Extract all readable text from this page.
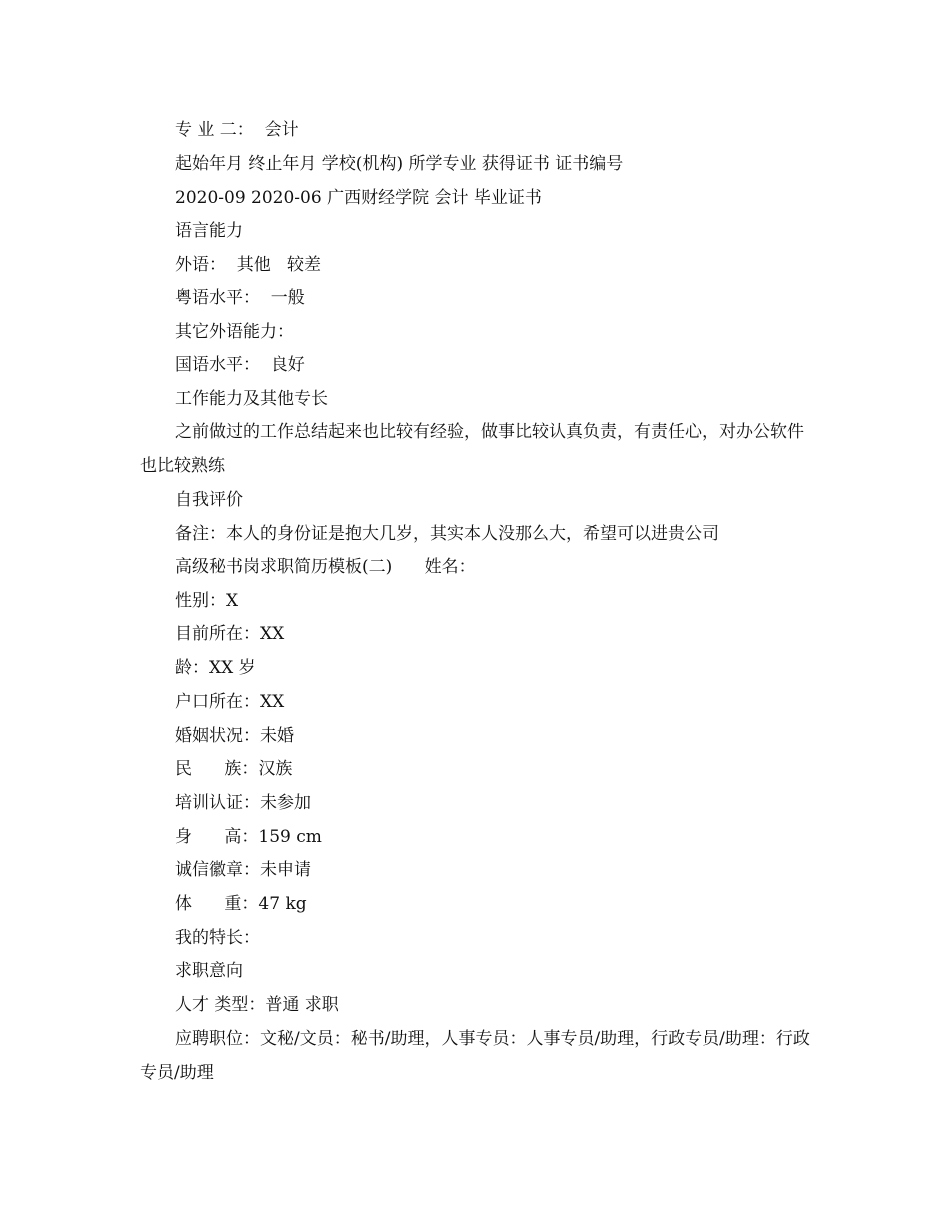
专 业 二：  会计

起始年月 终止年月 学校(机构) 所学专业 获得证书 证书编号

2020-09 2020-06 广西财经学院 会计 毕业证书

语言能力

外语：  其他   较差

粤语水平：  一般

其它外语能力：

国语水平：  良好

工作能力及其他专长

之前做过的工作总结起来也比较有经验，做事比较认真负责，有责任心，对办公软件也比较熟练

自我评价

备注：本人的身份证是抱大几岁，其实本人没那么大，希望可以进贵公司

高级秘书岗求职简历模板(二)      姓名：

性别：X

目前所在：XX

龄：XX 岁

户口所在：XX

婚姻状况：未婚

民      族：汉族

培训认证：未参加

身      高：159 cm

诚信徽章：未申请

体      重：47 kg

我的特长：

求职意向

人才 类型：普通 求职

应聘职位：文秘/文员：秘书/助理，人事专员：人事专员/助理，行政专员/助理：行政专员/助理
